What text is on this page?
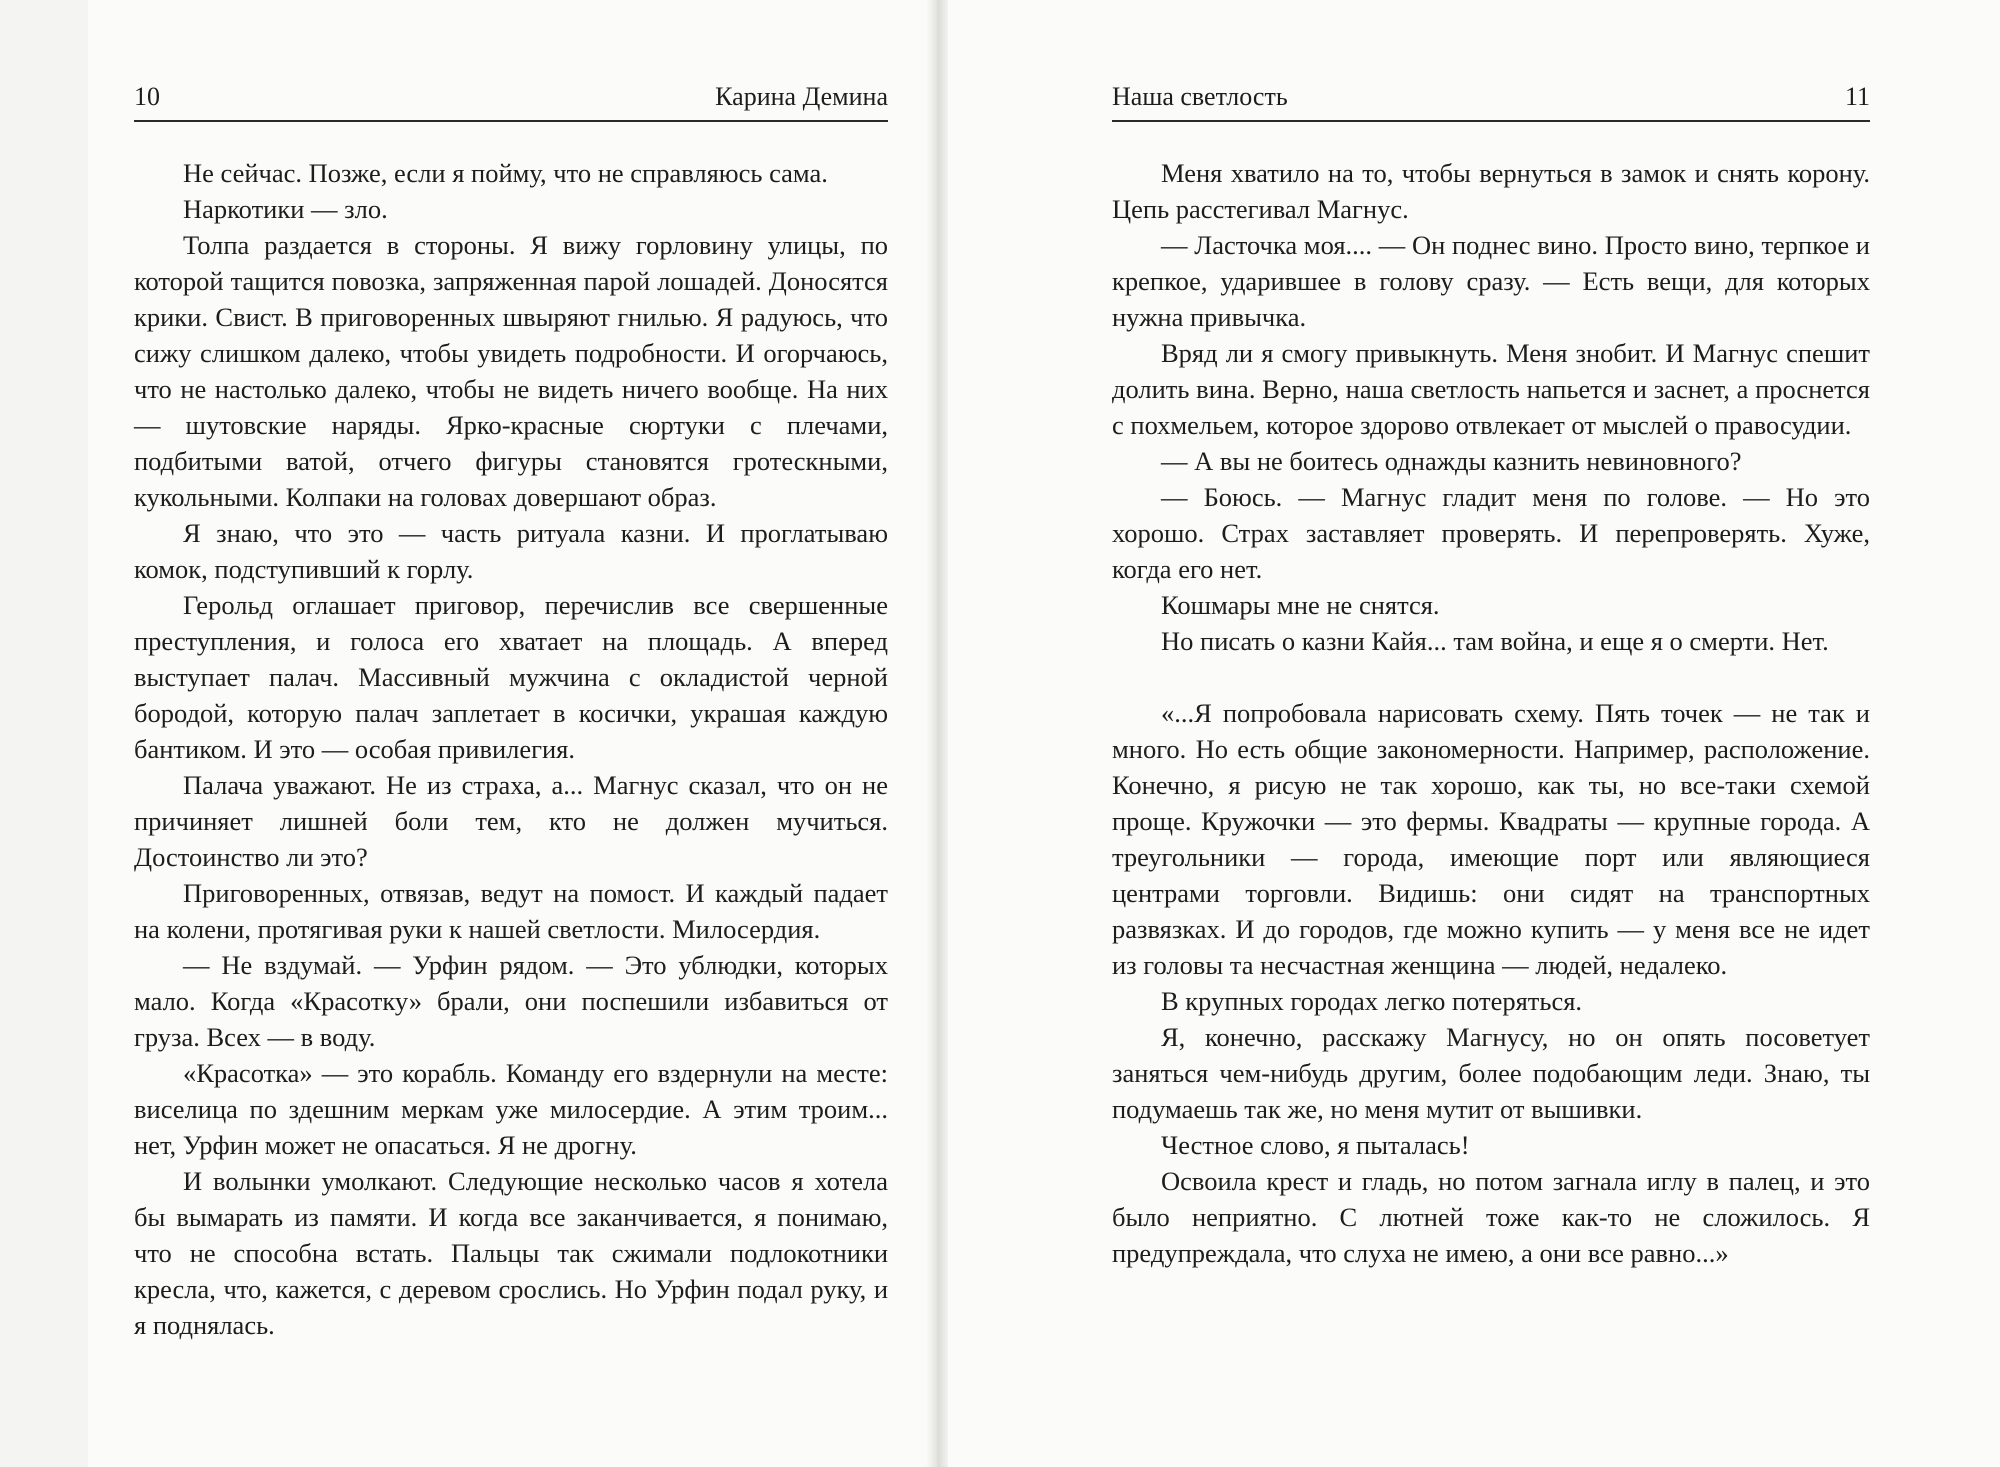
10	Карина Демина	Наша светлость	11

Не сейчас. Позже, если я пойму, что не справляюсь сама.

Наркотики — зло.

Толпа раздается в стороны. Я вижу горловину улицы, по которой тащится повозка, запряженная парой лошадей. Доносятся крики. Свист. В приговоренных швыряют гнилью. Я радуюсь, что сижу слишком далеко, чтобы увидеть подробности. И огорчаюсь, что не настолько далеко, чтобы не видеть ничего вообще. На них — шутовские наряды. Ярко-красные сюртуки с плечами, подбитыми ватой, отчего фигуры становятся гротескными, кукольными. Колпаки на головах довершают образ.

Я знаю, что это — часть ритуала казни. И проглатываю комок, подступивший к горлу.

Герольд оглашает приговор, перечислив все свершенные преступления, и голоса его хватает на площадь. А вперед выступает палач. Массивный мужчина с окладистой черной бородой, которую палач заплетает в косички, украшая каждую бантиком. И это — особая привилегия.

Палача уважают. Не из страха, а... Магнус сказал, что он не причиняет лишней боли тем, кто не должен мучиться. Достоинство ли это?

Приговоренных, отвязав, ведут на помост. И каждый падает на колени, протягивая руки к нашей светлости. Милосердия.

— Не вздумай. — Урфин рядом. — Это ублюдки, которых мало. Когда «Красотку» брали, они поспешили избавиться от груза. Всех — в воду.

«Красотка» — это корабль. Команду его вздернули на месте: виселица по здешним меркам уже милосердие. А этим троим... нет, Урфин может не опасаться. Я не дрогну.

И волынки умолкают. Следующие несколько часов я хотела бы вымарать из памяти. И когда все заканчивается, я понимаю, что не способна встать. Пальцы так сжимали подлокотники кресла, что, кажется, с деревом срослись. Но Урфин подал руку, и я поднялась.

Меня хватило на то, чтобы вернуться в замок и снять корону. Цепь расстегивал Магнус.

— Ласточка моя.... — Он поднес вино. Просто вино, терпкое и крепкое, ударившее в голову сразу. — Есть вещи, для которых нужна привычка.

Вряд ли я смогу привыкнуть. Меня знобит. И Магнус спешит долить вина. Верно, наша светлость напьется и заснет, а проснется с похмельем, которое здорово отвлекает от мыслей о правосудии.

— А вы не боитесь однажды казнить невиновного?

— Боюсь. — Магнус гладит меня по голове. — Но это хорошо. Страх заставляет проверять. И перепроверять. Хуже, когда его нет.

Кошмары мне не снятся.

Но писать о казни Кайя... там война, и еще я о смерти. Нет.

«...Я попробовала нарисовать схему. Пять точек — не так и много. Но есть общие закономерности. Например, расположение. Конечно, я рисую не так хорошо, как ты, но все-таки схемой проще. Кружочки — это фермы. Квадраты — крупные города. А треугольники — города, имеющие порт или являющиеся центрами торговли. Видишь: они сидят на транспортных развязках. И до городов, где можно купить — у меня все не идет из головы та несчастная женщина — людей, недалеко.

В крупных городах легко потеряться.

Я, конечно, расскажу Магнусу, но он опять посоветует заняться чем-нибудь другим, более подобающим леди. Знаю, ты подумаешь так же, но меня мутит от вышивки.

Честное слово, я пыталась!

Освоила крест и гладь, но потом загнала иглу в палец, и это было неприятно. С лютней тоже как-то не сложилось. Я предупреждала, что слуха не имею, а они все равно...»
